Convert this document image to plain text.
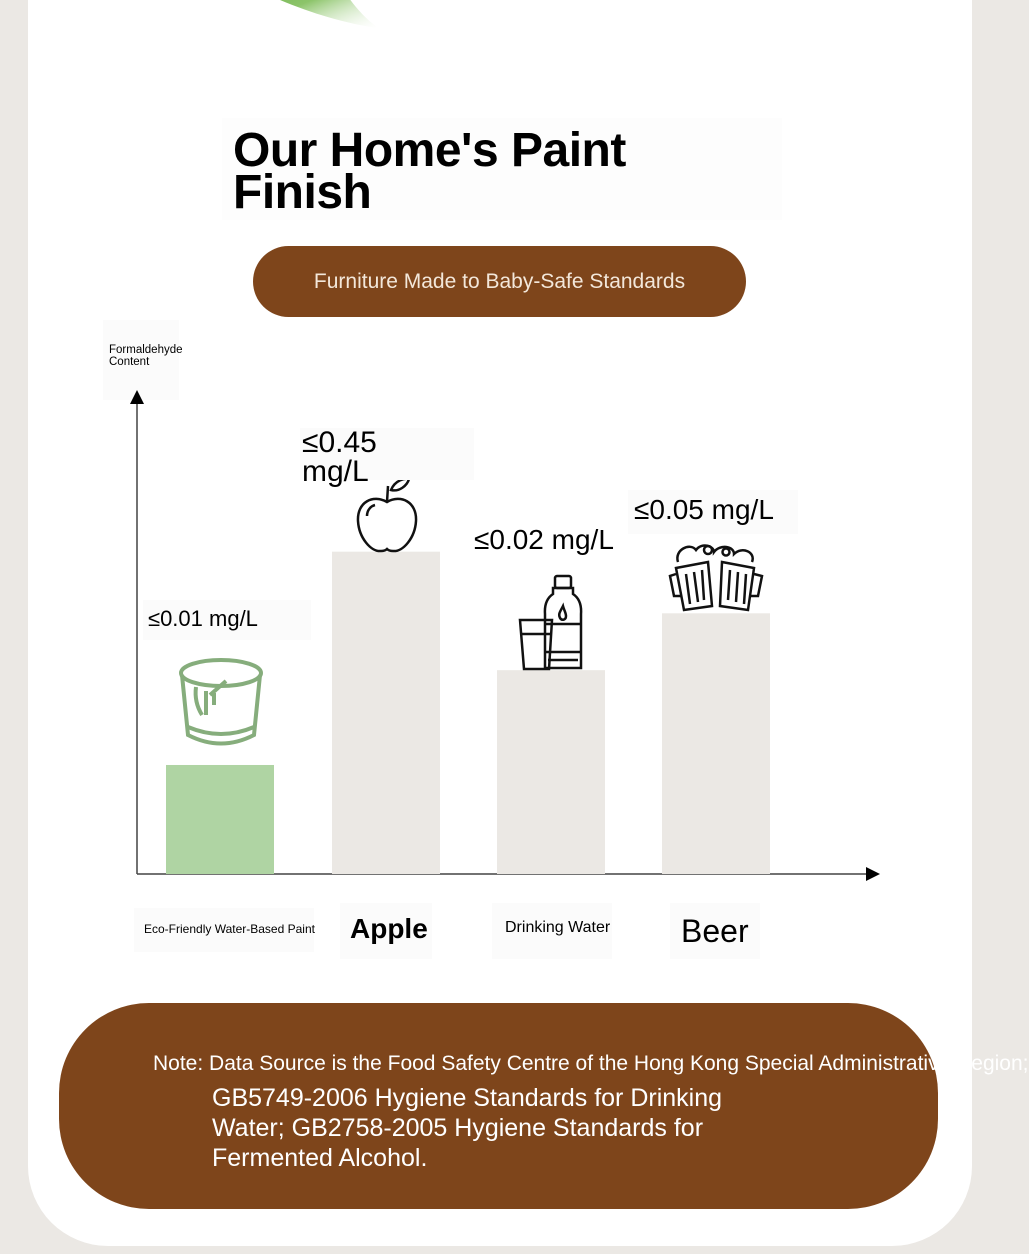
Our Home's Paint Finish
Furniture Made to Baby-Safe Standards
Formaldehyde Content
≤0.01 mg/L
≤0.45 mg/L
≤0.02 mg/L
≤0.05 mg/L
Eco-Friendly Water-Based Paint Apple	Drinking Water Beer
Note: Data Source is the Food Safety Centre of the Hong Kong Special Administrative Region;
GB5749-2006 Hygiene Standards for Drinking Water; GB2758-2005 Hygiene Standards for Fermented Alcohol.
